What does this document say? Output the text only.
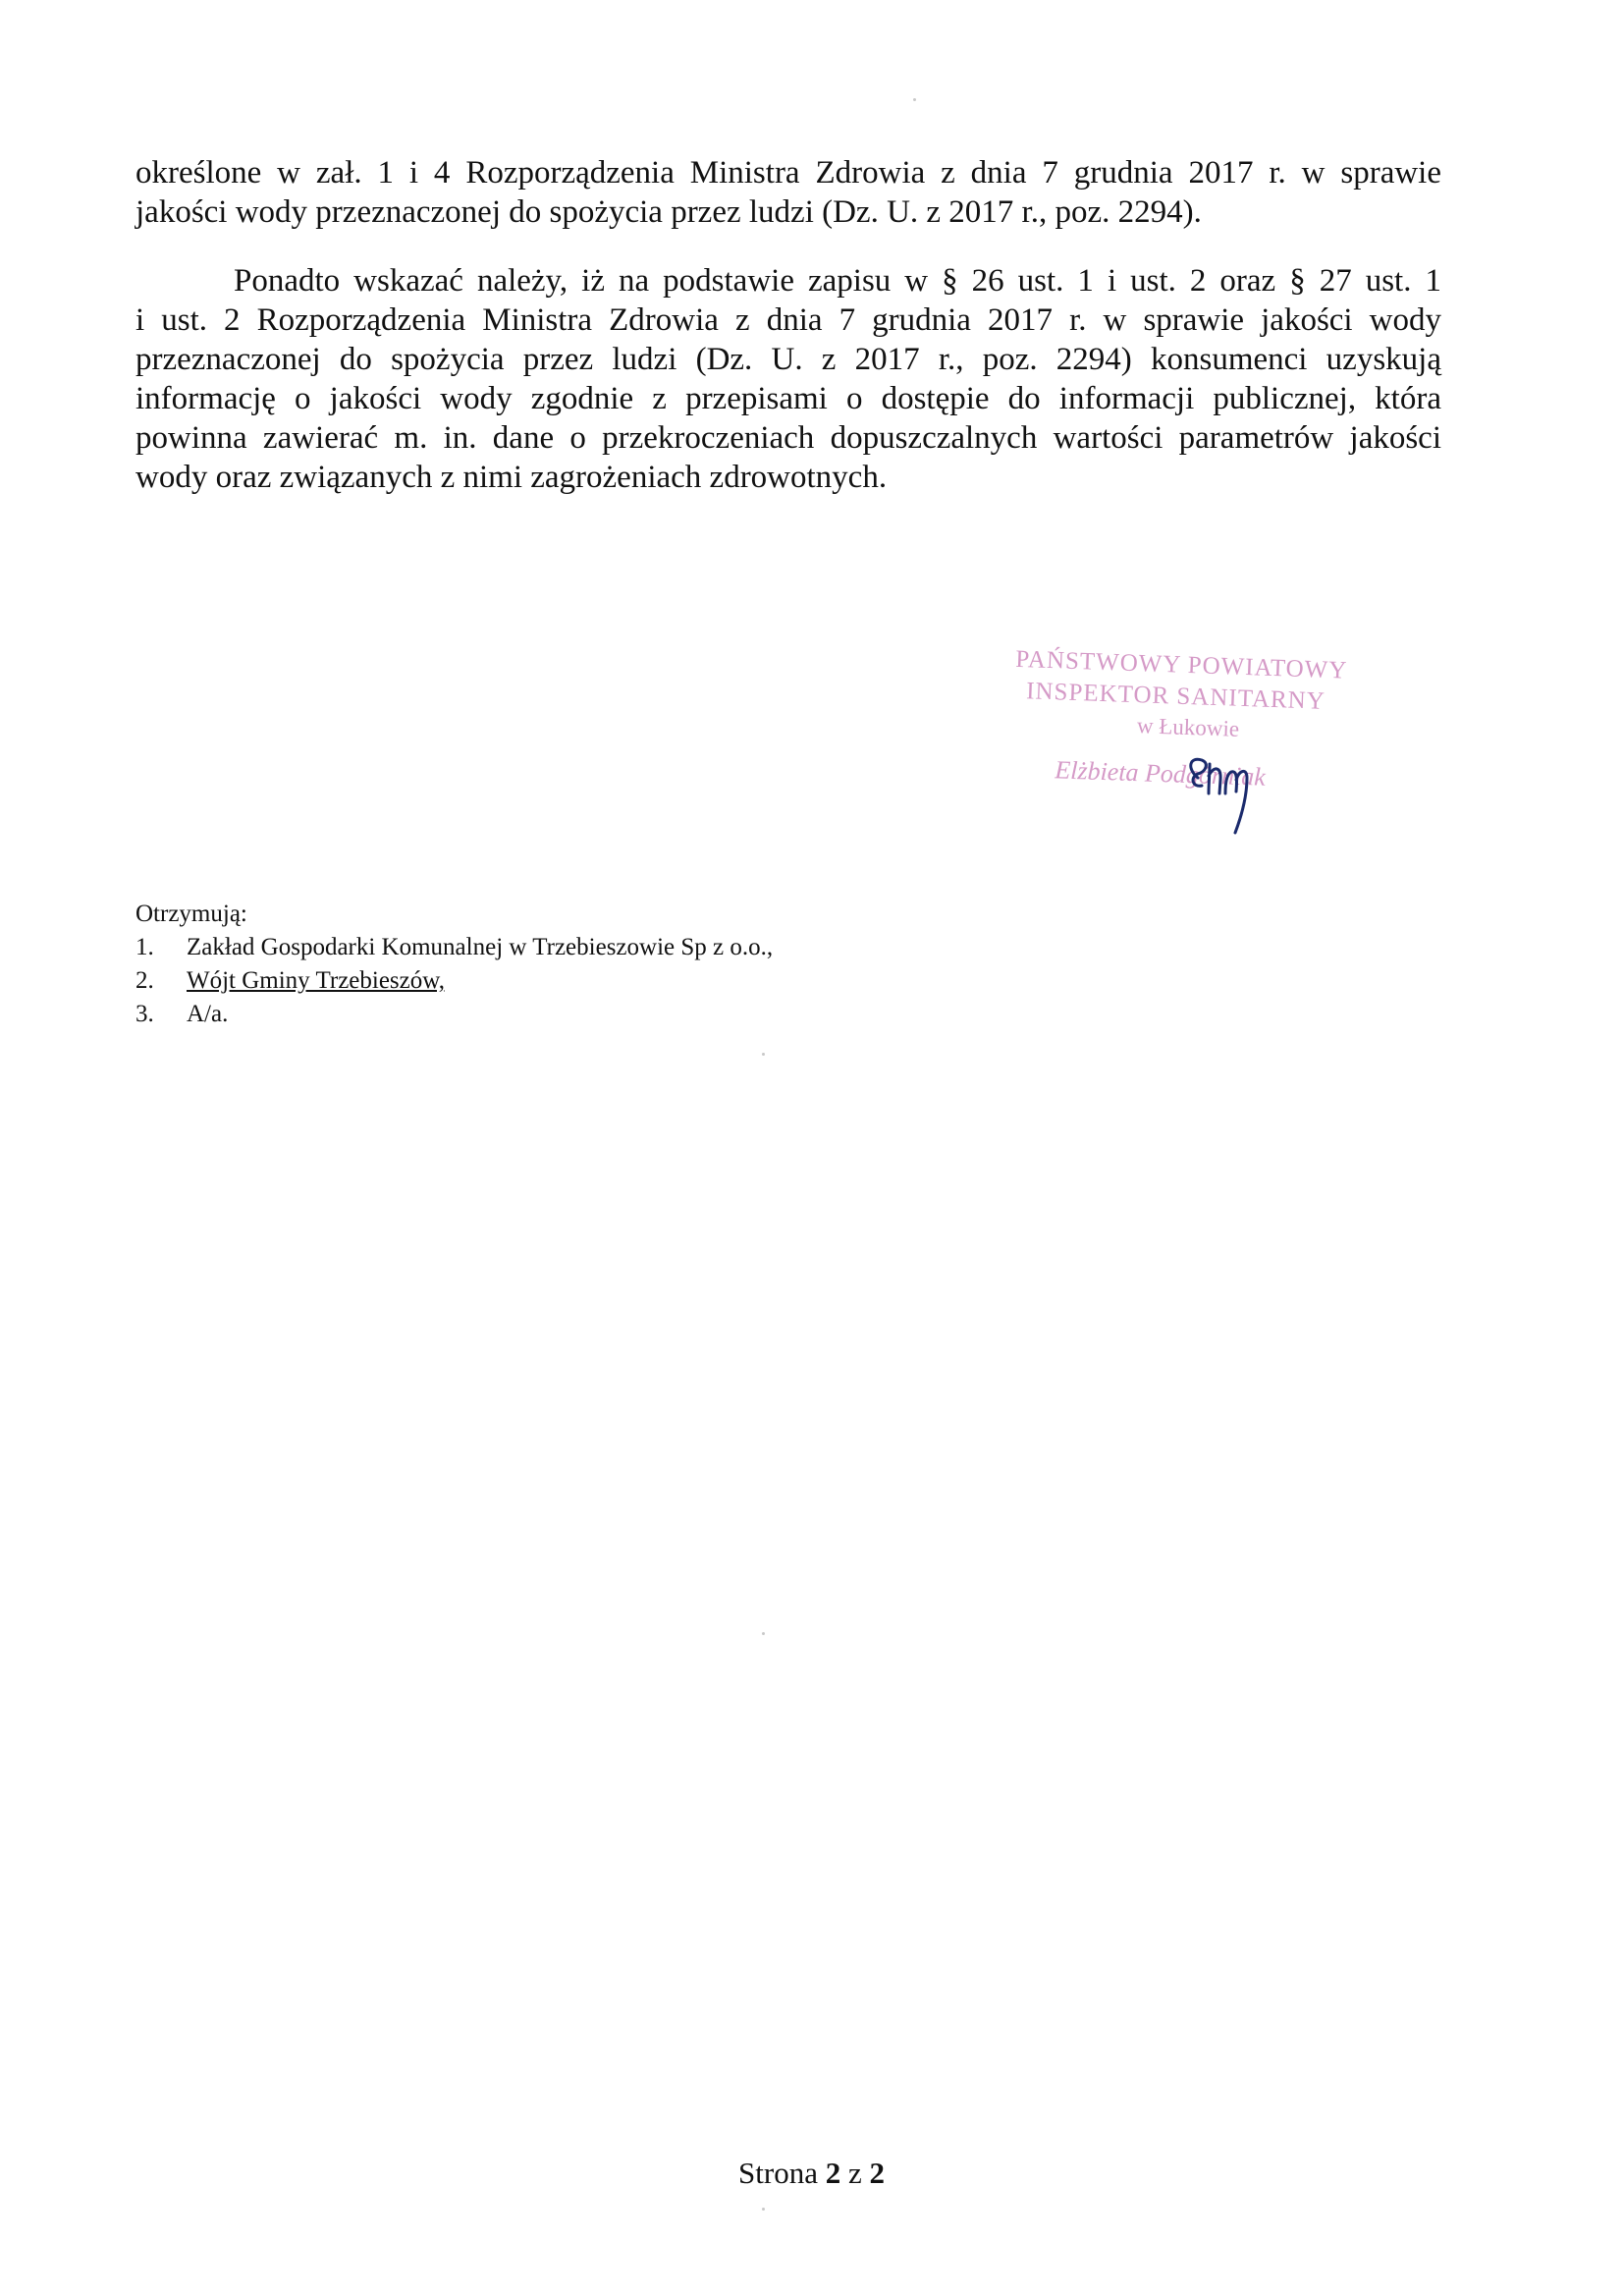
określone w zał. 1 i 4 Rozporządzenia Ministra Zdrowia z dnia 7 grudnia 2017 r. w sprawie
jakości wody przeznaczonej do spożycia przez ludzi (Dz. U. z 2017 r., poz. 2294).
Ponadto wskazać należy, iż na podstawie zapisu w § 26 ust. 1 i ust. 2 oraz § 27 ust. 1
i ust. 2 Rozporządzenia Ministra Zdrowia z dnia 7 grudnia 2017 r. w sprawie jakości wody
przeznaczonej do spożycia przez ludzi (Dz. U. z 2017 r., poz. 2294) konsumenci uzyskują
informację o jakości wody zgodnie z przepisami o dostępie do informacji publicznej, która
powinna zawierać m. in. dane o przekroczeniach dopuszczalnych wartości parametrów jakości
wody oraz związanych z nimi zagrożeniach zdrowotnych.
PAŃSTWOWY POWIATOWY
INSPEKTOR SANITARNY
w Łukowie
Elżbieta Podgórniak
Otrzymują:
1. Zakład Gospodarki Komunalnej w Trzebieszowie Sp z o.o.,
2. Wójt Gminy Trzebieszów,
3. A/a.
Strona 2 z 2
